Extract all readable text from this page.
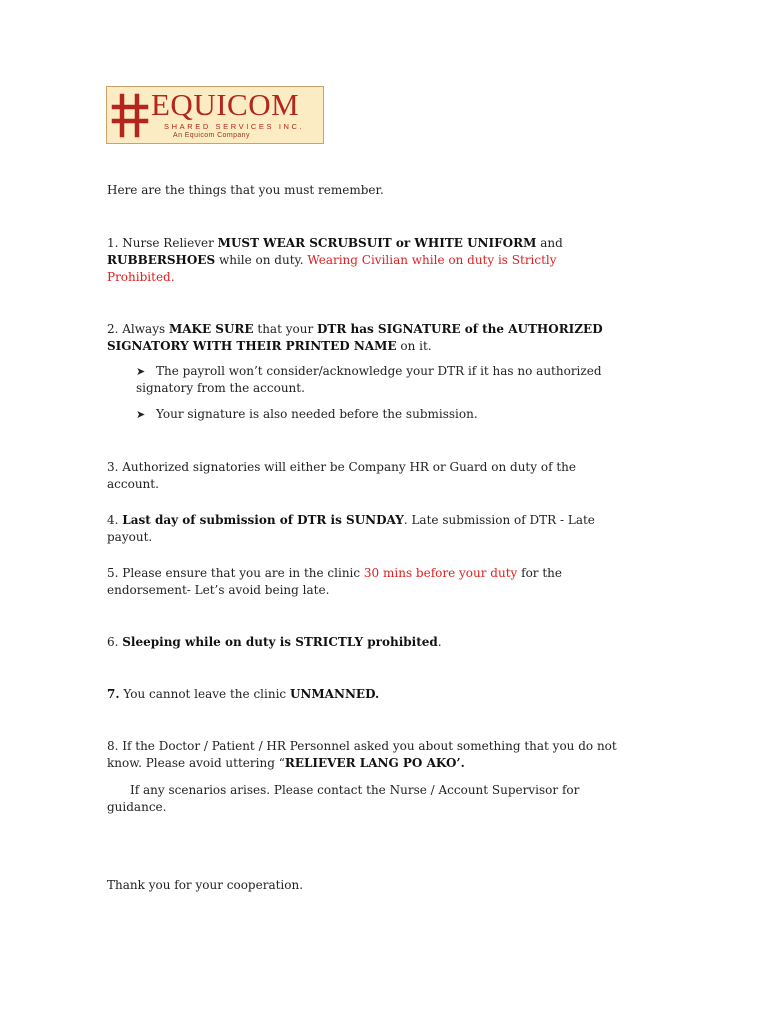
EQUICOM
SHARED SERVICES INC.
An Equicom Company

Here are the things that you must remember.

1. Nurse Reliever MUST WEAR SCRUBSUIT or WHITE UNIFORM and
RUBBERSHOES while on duty. Wearing Civilian while on duty is Strictly
Prohibited.

2. Always MAKE SURE that your DTR has SIGNATURE of the AUTHORIZED
SIGNATORY WITH THEIR PRINTED NAME on it.

➤ The payroll won’t consider/acknowledge your DTR if it has no authorized
signatory from the account.

➤ Your signature is also needed before the submission.

3. Authorized signatories will either be Company HR or Guard on duty of the account.

4. Last day of submission of DTR is SUNDAY. Late submission of DTR - Late payout.

5. Please ensure that you are in the clinic 30 mins before your duty for the
endorsement- Let’s avoid being late.

6. Sleeping while on duty is STRICTLY prohibited.

7. You cannot leave the clinic UNMANNED.

8. If the Doctor / Patient / HR Personnel asked you about something that you do not
know. Please avoid uttering “RELIEVER LANG PO AKO’.

If any scenarios arises. Please contact the Nurse / Account Supervisor for
guidance.

Thank you for your cooperation.
